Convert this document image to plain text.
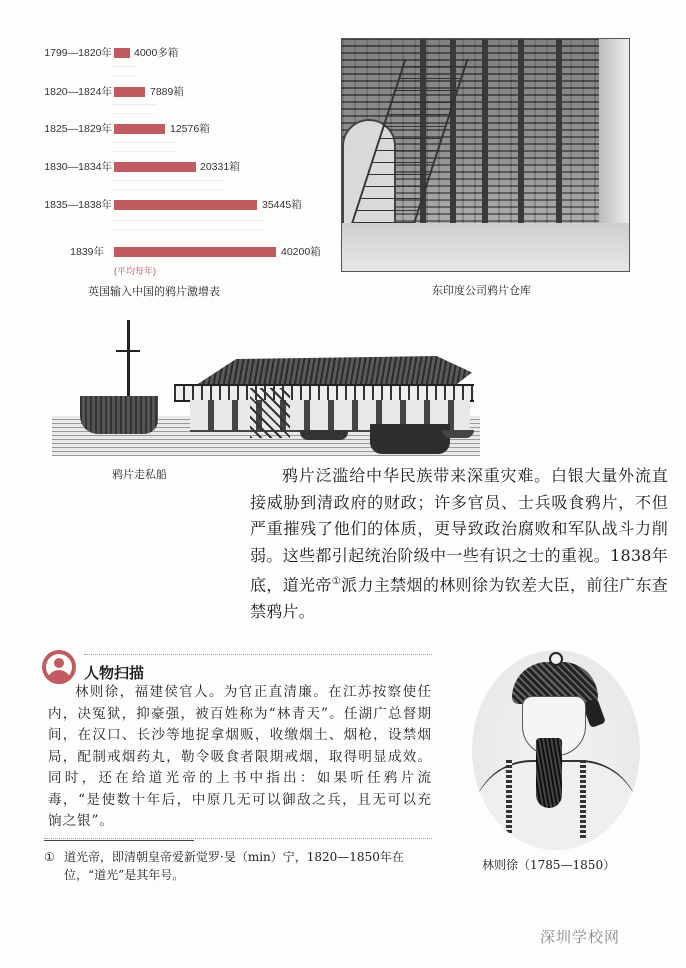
1799—1820年 4000多箱
1820—1824年	7889箱
1825—1829年	12576箱
1830—1834年	20331箱
1835—1838年	35445箱
1839年	40200箱
(平均每年)
英国输入中国的鸦片激增表	东印度公司鸦片仓库
鸦片走私船	鸦片泛滥给中华民族带来深重灾难。白银大量外流直接威胁到清政府的财政；许多官员、士兵吸食鸦片，不但严重摧残了他们的体质，更导致政治腐败和军队战斗力削弱。这些都引起统治阶级中一些有识之士的重视。1838年底，道光帝①派力主禁烟的林则徐为钦差大臣，前往广东查禁鸦片。

人物扫描

林则徐，福建侯官人。为官正直清廉。在江苏按察使任内，决冤狱，抑豪强，被百姓称为“林青天”。任湖广总督期间，在汉口、长沙等地捉拿烟贩，收缴烟土、烟枪，设禁烟局，配制戒烟药丸，勒令吸食者限期戒烟，取得明显成效。同时，还在给道光帝的上书中指出：如果听任鸦片流毒，“是使数十年后，中原几无可以御敌之兵，且无可以充饷之银”。

林则徐（1785—1850）
① 道光帝，即清朝皇帝爱新觉罗·旻（min）宁，1820—1850年在
位，“道光”是其年号。
深圳学校网
